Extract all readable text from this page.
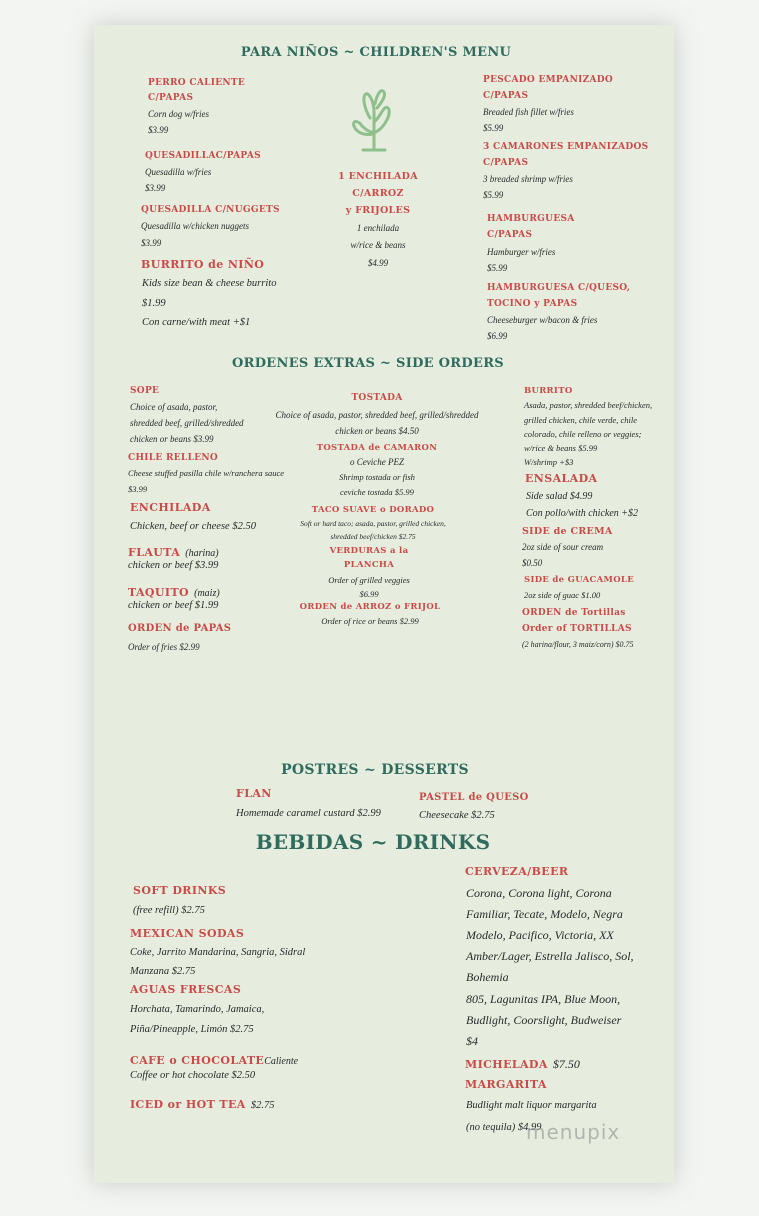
PARA NIÑOS ~ CHILDREN'S MENU
PERRO CALIENTE
C/PAPAS
Corn dog w/fries
$3.99
QUESADILLAC/PAPAS
Quesadilla w/fries
$3.99
QUESADILLA C/NUGGETS
Quesadilla w/chicken nuggets
$3.99
BURRITO de NIÑO
Kids size bean & cheese burrito
$1.99
Con carne/with meat +$1
1 ENCHILADA
C/ARROZ
y FRIJOLES
1 enchilada
w/rice & beans
$4.99
PESCADO EMPANIZADO
C/PAPAS
Breaded fish fillet w/fries
$5.99
3 CAMARONES EMPANIZADOS
C/PAPAS
3 breaded shrimp w/fries
$5.99
HAMBURGUESA
C/PAPAS
Hamburger w/fries
$5.99
HAMBURGUESA C/QUESO,
TOCINO y PAPAS
Cheeseburger w/bacon & fries
$6.99
ORDENES EXTRAS ~ SIDE ORDERS
SOPE
Choice of asada, pastor,
shredded beef, grilled/shredded
chicken or beans $3.99
CHILE RELLENO
Cheese stuffed pasilla chile w/ranchera sauce
$3.99
ENCHILADA
Chicken, beef or cheese $2.50
FLAUTA (harina)
chicken or beef $3.99
TAQUITO (maiz)
chicken or beef $1.99
ORDEN de PAPAS
Order of fries $2.99
TOSTADA
Choice of asada, pastor, shredded beef, grilled/shredded
chicken or beans $4.50
TOSTADA de CAMARON
o Ceviche PEZ
Shrimp tostada or fish
ceviche tostada $5.99
TACO SUAVE o DORADO
Soft or hard taco; asada, pastor, grilled chicken,
shredded beef/chicken $2.75
VERDURAS a la
PLANCHA
Order of grilled veggies
$6.99
ORDEN de ARROZ o FRIJOL
Order of rice or beans $2.99
BURRITO
Asada, pastor, shredded beef/chicken,
grilled chicken, chile verde, chile
colorado, chile relleno or veggies;
w/rice & beans $5.99
W/shrimp +$3
ENSALADA
Side salad $4.99
Con pollo/with chicken +$2
SIDE de CREMA
2oz side of sour cream
$0.50
SIDE de GUACAMOLE
2oz side of guac $1.00
ORDEN de Tortillas
Order of TORTILLAS
(2 harina/flour, 3 maiz/corn) $0.75
POSTRES ~ DESSERTS
FLAN
Homemade caramel custard $2.99
PASTEL de QUESO
Cheesecake $2.75
BEBIDAS ~ DRINKS
SOFT DRINKS
(free refill) $2.75
MEXICAN SODAS
Coke, Jarrito Mandarina, Sangria, Sidral
Manzana $2.75
AGUAS FRESCAS
Horchata, Tamarindo, Jamaica,
Piña/Pineapple, Limón $2.75
CAFE o CHOCOLATECaliente
Coffee or hot chocolate $2.50
ICED or HOT TEA $2.75
CERVEZA/BEER
Corona, Corona light, Corona
Familiar, Tecate, Modelo, Negra
Modelo, Pacifico, Victoria, XX
Amber/Lager, Estrella Jalisco, Sol,
Bohemia
805, Lagunitas IPA, Blue Moon,
Budlight, Coorslight, Budweiser
$4
MICHELADA $7.50
MARGARITA
Budlight malt liquor margarita
(no tequila) $4.99
menupix
